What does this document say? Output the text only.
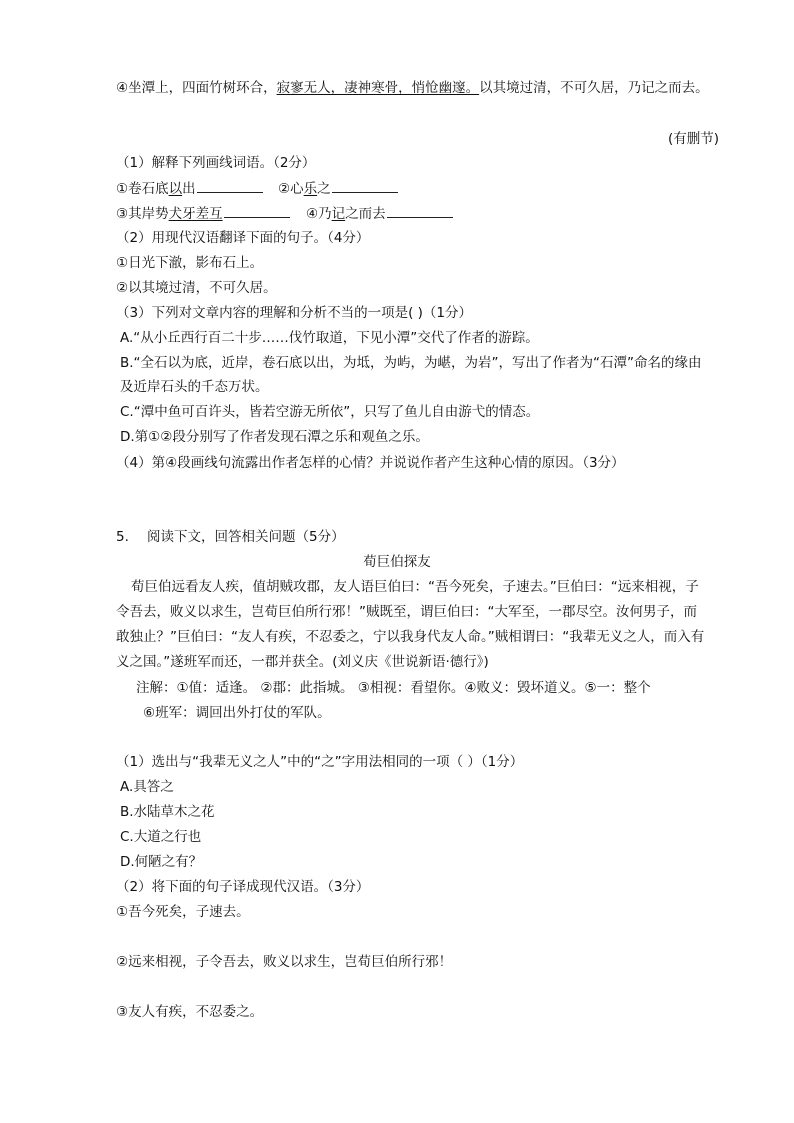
④坐潭上，四面竹树环合，寂寥无人，凄神寒骨，悄怆幽邃。以其境过清，不可久居，乃记之而去。
(有删节)
（1）解释下列画线词语。（2分）
①卷石底以出	②心乐之
③其岸势犬牙差互	④乃记之而去
（2）用现代汉语翻译下面的句子。（4分）
①日光下澈，影布石上。
②以其境过清，不可久居。
（3）下列对文章内容的理解和分析不当的一项是( )（1分）
A.“从小丘西行百二十步……伐竹取道，下见小潭”交代了作者的游踪。
B.“全石以为底，近岸，卷石底以出，为坻，为屿，为嵁，为岩”，写出了作者为“石潭”命名的缘由
及近岸石头的千态万状。
C.“潭中鱼可百许头，皆若空游无所依”，只写了鱼儿自由游弋的情态。
D.第①②段分别写了作者发现石潭之乐和观鱼之乐。
（4）第④段画线句流露出作者怎样的心情？并说说作者产生这种心情的原因。（3分）
5. 阅读下文，回答相关问题（5分）
荀巨伯探友
荀巨伯远看友人疾，值胡贼攻郡，友人语巨伯曰：“吾今死矣，子速去。”巨伯曰：“远来相视，子
令吾去，败义以求生，岂荀巨伯所行邪！”贼既至，谓巨伯曰：“大军至，一郡尽空。汝何男子，而
敢独止？”巨伯曰：“友人有疾，不忍委之，宁以我身代友人命。”贼相谓曰：“我辈无义之人，而入有
义之国。”遂班军而还，一郡并获全。(刘义庆《世说新语·德行》)
注解：①值：适逢。 ②郡：此指城。 ③相视：看望你。④败义：毁坏道义。⑤一：整个
⑥班军：调回出外打仗的军队。
（1）选出与“我辈无义之人”中的“之”字用法相同的一项（ ）（1分）
A.具答之
B.水陆草木之花
C.大道之行也
D.何陋之有？
（2）将下面的句子译成现代汉语。（3分）
①吾今死矣，子速去。
②远来相视，子令吾去，败义以求生，岂荀巨伯所行邪！
③友人有疾，不忍委之。
